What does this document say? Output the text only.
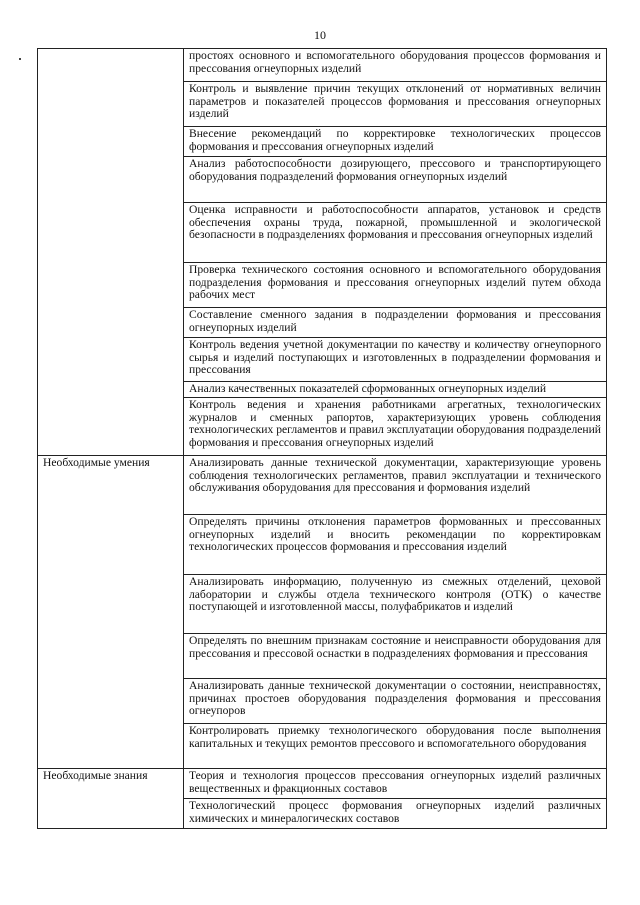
10
	простоях основного и вспомогательного оборудования процессов формования и прессования огнеупорных изделий
	Контроль и выявление причин текущих отклонений от нормативных величин параметров и показателей процессов формования и прессования огнеупорных изделий
	Внесение рекомендаций по корректировке технологических процессов формования и прессования огнеупорных изделий
	Анализ работоспособности дозирующего, прессового и транспортирующего оборудования подразделений формования огнеупорных изделий
	Оценка исправности и работоспособности аппаратов, установок и средств обеспечения охраны труда, пожарной, промышленной и экологической безопасности в подразделениях формования и прессования огнеупорных изделий
	Проверка технического состояния основного и вспомогательного оборудования подразделения формования и прессования огнеупорных изделий путем обхода рабочих мест
	Составление сменного задания в подразделении формования и прессования огнеупорных изделий
	Контроль ведения учетной документации по качеству и количеству огнеупорного сырья и изделий поступающих и изготовленных в подразделении формования и прессования
	Анализ качественных показателей сформованных огнеупорных изделий
	Контроль ведения и хранения работниками агрегатных, технологических журналов и сменных рапортов, характеризующих уровень соблюдения технологических регламентов и правил эксплуатации оборудования подразделений формования и прессования огнеупорных изделий
Необходимые умения	Анализировать данные технической документации, характеризующие уровень соблюдения технологических регламентов, правил эксплуатации и технического обслуживания оборудования для прессования и формования изделий
	Определять причины отклонения параметров формованных и прессованных огнеупорных изделий и вносить рекомендации по корректировкам технологических процессов формования и прессования изделий
	Анализировать информацию, полученную из смежных отделений, цеховой лаборатории и службы отдела технического контроля (ОТК) о качестве поступающей и изготовленной массы, полуфабрикатов и изделий
	Определять по внешним признакам состояние и неисправности оборудования для прессования и прессовой оснастки в подразделениях формования и прессования
	Анализировать данные технической документации о состоянии, неисправностях, причинах простоев оборудования подразделения формования и прессования огнеупоров
	Контролировать приемку технологического оборудования после выполнения капитальных и текущих ремонтов прессового и вспомогательного оборудования
Необходимые знания	Теория и технология процессов прессования огнеупорных изделий различных вещественных и фракционных составов
	Технологический процесс формования огнеупорных изделий различных химических и минералогических составов
